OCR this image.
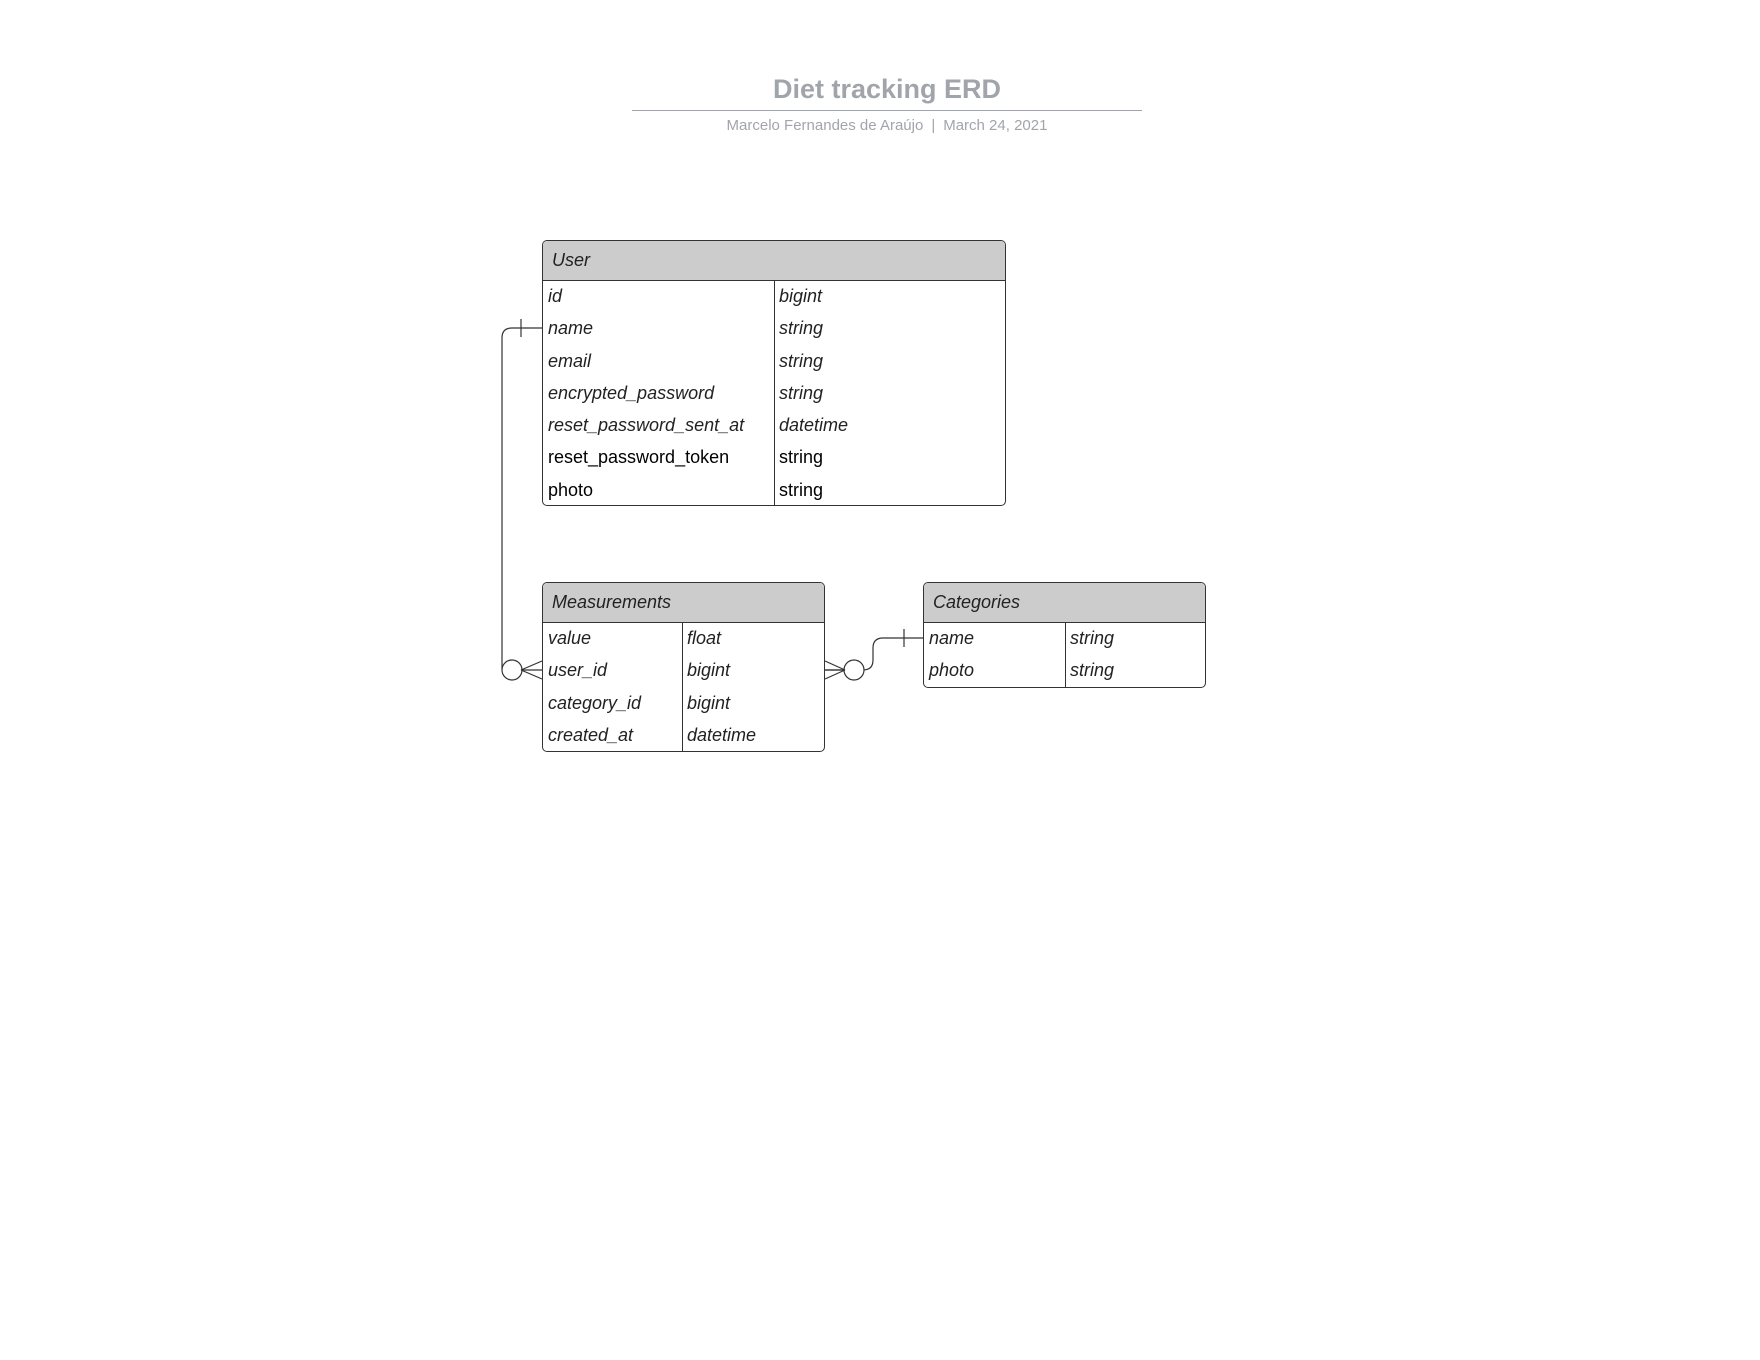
Diet tracking ERD
Marcelo Fernandes de Araújo | March 24, 2021
User
id	bigint
name	string
email	string
encrypted_password	string
reset_password_sent_at	datetime
reset_password_token	string
photo	string
Measurements
value	float
user_id	bigint
category_id	bigint
created_at	datetime
Categories
name	string
photo	string
